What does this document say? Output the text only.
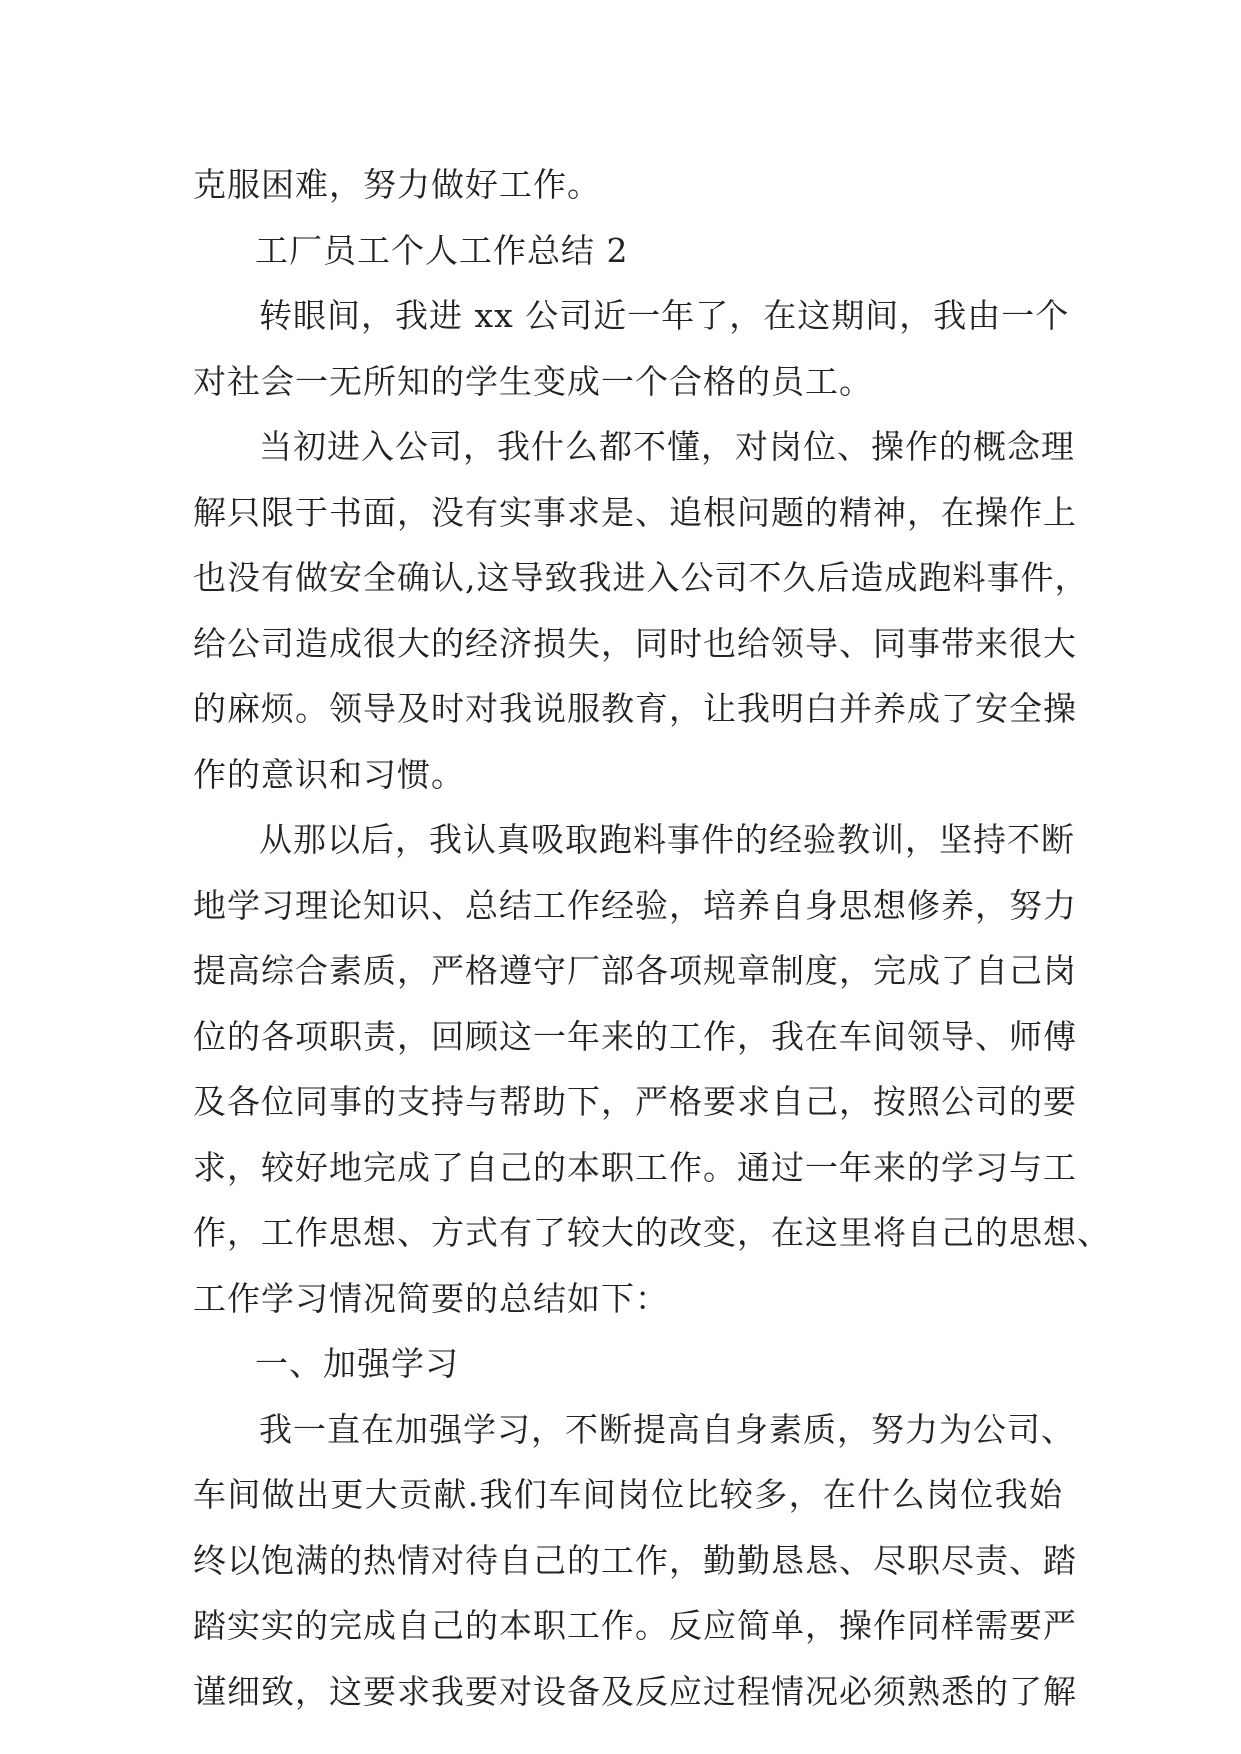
克服困难，努力做好工作。
工厂员工个人工作总结 2
转眼间，我进 xx 公司近一年了，在这期间，我由一个
对社会一无所知的学生变成一个合格的员工。
当初进入公司，我什么都不懂，对岗位、操作的概念理
解只限于书面，没有实事求是、追根问题的精神，在操作上
也没有做安全确认,这导致我进入公司不久后造成跑料事件，
给公司造成很大的经济损失，同时也给领导、同事带来很大
的麻烦。领导及时对我说服教育，让我明白并养成了安全操
作的意识和习惯。
从那以后，我认真吸取跑料事件的经验教训，坚持不断
地学习理论知识、总结工作经验，培养自身思想修养，努力
提高综合素质，严格遵守厂部各项规章制度，完成了自己岗
位的各项职责，回顾这一年来的工作，我在车间领导、师傅
及各位同事的支持与帮助下，严格要求自己，按照公司的要
求，较好地完成了自己的本职工作。通过一年来的学习与工
作，工作思想、方式有了较大的改变，在这里将自己的思想、
工作学习情况简要的总结如下：
一、加强学习
我一直在加强学习，不断提高自身素质，努力为公司、
车间做出更大贡献.我们车间岗位比较多，在什么岗位我始
终以饱满的热情对待自己的工作，勤勤恳恳、尽职尽责、踏
踏实实的完成自己的本职工作。反应简单，操作同样需要严
谨细致，这要求我要对设备及反应过程情况必须熟悉的了解
